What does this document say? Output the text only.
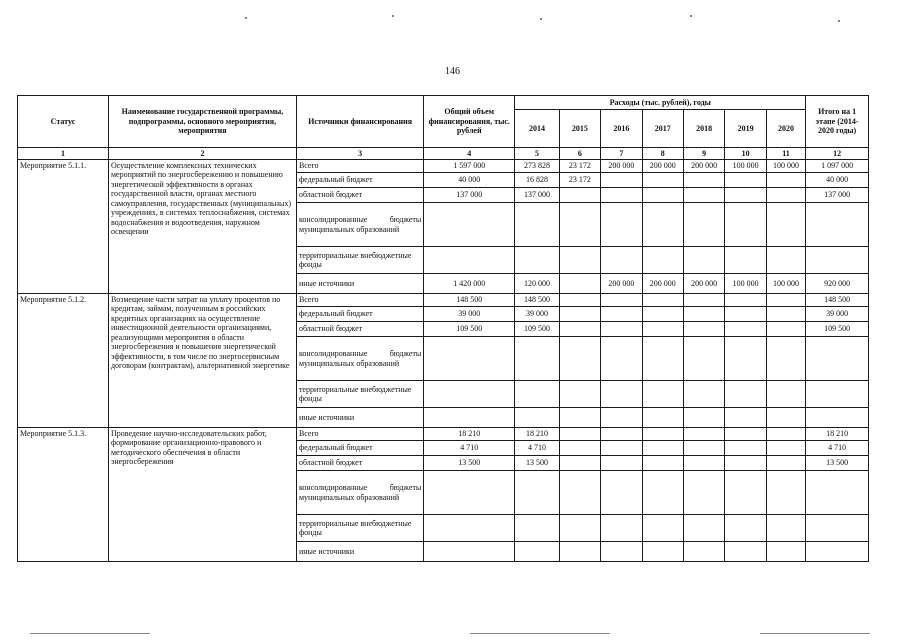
146
Статус	Наименование государственной программы, подпрограммы, основного мероприятия, мероприятия	Источники финансирования	Общий объем финансирования, тыс. рублей	Расходы (тыс. рублей), годы							Итого на 1 этапе (2014-2020 годы)
				2014	2015	2016	2017	2018	2019	2020	
1	2	3	4	5	6	7	8	9	10	11	12
Мероприятие 5.1.1.	Осуществление комплексных технических мероприятий по энергосбережению и повышению энергетической эффективности в органах государственной власти, органах местного самоуправления, государственных (муниципальных) учреждениях, в системах теплоснабжения, системах водоснабжения и водоотведения, наружном освещении	Всего	1 597 000	273 828	23 172	200 000	200 000	200 000	100 000	100 000	1 097 000
		федеральный бюджет	40 000	16 828	23 172						40 000
		областной бюджет	137 000	137 000							137 000
		консолидированные бюджеты муниципальных образований									
		территориальные внебюджетные фонды									
		иные источники	1 420 000	120 000		200 000	200 000	200 000	100 000	100 000	920 000
Мероприятие 5.1.2.	Возмещение части затрат на уплату процентов по кредитам, займам, полученным в российских кредитных организациях на осуществление инвестиционной деятельности организациями, реализующими мероприятия в области энергосбережения и повышения энергетической эффективности, в том числе по энергосервисным договорам (контрактам), альтернативной энергетике	Всего	148 500	148 500							148 500
		федеральный бюджет	39 000	39 000							39 000
		областной бюджет	109 500	109 500							109 500
		консолидированные бюджеты муниципальных образований									
		территориальные внебюджетные фонды									
		иные источники									
Мероприятие 5.1.3.	Проведение научно-исследовательских работ, формирование организационно-правового и методического обеспечения в области энергосбережения	Всего	18 210	18 210							18 210
		федеральный бюджет	4 710	4 710							4 710
		областной бюджет	13 500	13 500							13 500
		консолидированные бюджеты муниципальных образований									
		территориальные внебюджетные фонды									
		иные источники									
